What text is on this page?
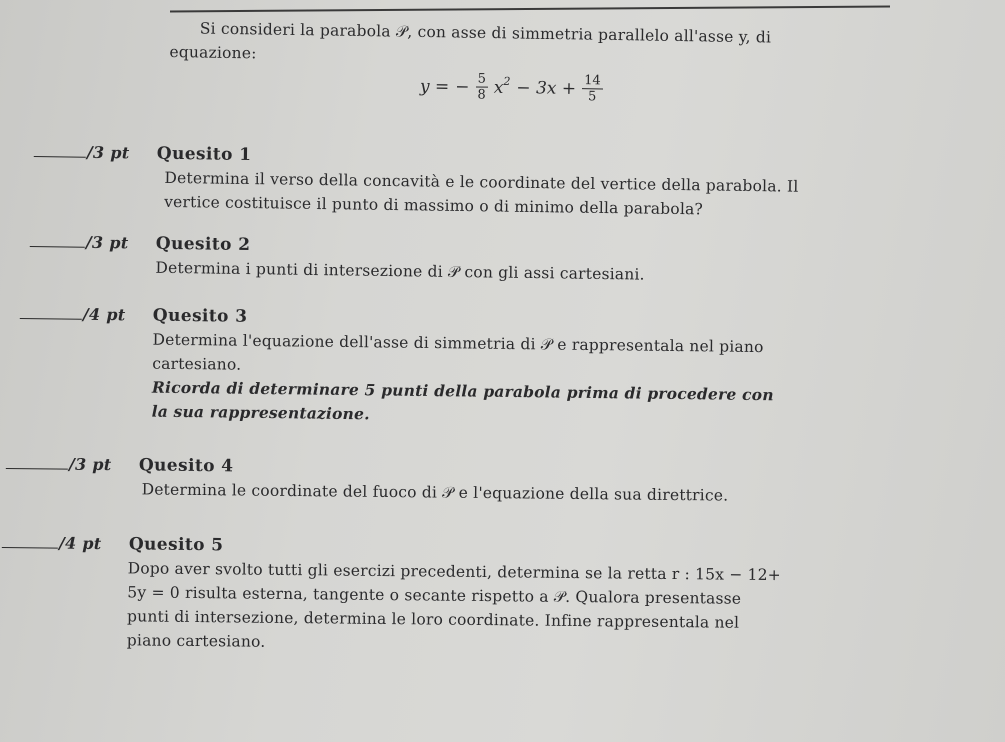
Si consideri la parabola 𝒫, con asse di simmetria parallelo all'asse y, di
equazione:
y = − $\frac{5}{8} x^2 - 3x + \frac{14}{5}$
/3 pt	Quesito 1

Determina il verso della concavità e le coordinate del vertice della parabola. Il

vertice costituisce il punto di massimo o di minimo della parabola?

/3 pt	Quesito 2

Determina i punti di intersezione di 𝒫 con gli assi cartesiani.

/4 pt	Quesito 3

Determina l'equazione dell'asse di simmetria di 𝒫 e rappresentala nel piano

cartesiano.

Ricorda di determinare 5 punti della parabola prima di procedere con

la sua rappresentazione.

/3 pt	Quesito 4

Determina le coordinate del fuoco di 𝒫 e l'equazione della sua direttrice.

/4 pt	Quesito 5

Dopo aver svolto tutti gli esercizi precedenti, determina se la retta r : 15x − 12+

5y = 0 risulta esterna, tangente o secante rispetto a 𝒫. Qualora presentasse

punti di intersezione, determina le loro coordinate. Infine rappresentala nel

piano cartesiano.
